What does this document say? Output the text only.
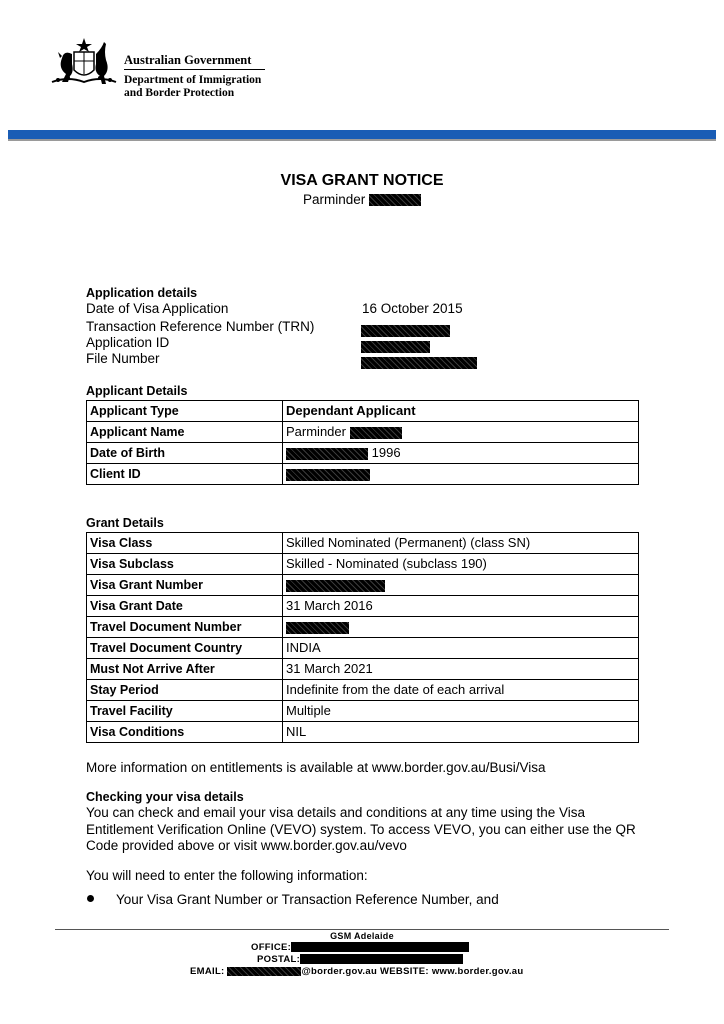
Australian Government
Department of Immigration
and Border Protection
VISA GRANT NOTICE
Parminder
Application details
Date of Visa Application	16 October 2015
Transaction Reference Number (TRN)
Application ID
File Number
Applicant Details
Applicant Type	Dependant Applicant
Applicant Name	Parminder
Date of Birth	1996
Client ID	
Grant Details
Visa Class	Skilled Nominated (Permanent) (class SN)
Visa Subclass	Skilled - Nominated (subclass 190)
Visa Grant Number	
Visa Grant Date	31 March 2016
Travel Document Number	
Travel Document Country	INDIA
Must Not Arrive After	31 March 2021
Stay Period	Indefinite from the date of each arrival
Travel Facility	Multiple
Visa Conditions	NIL
More information on entitlements is available at www.border.gov.au/Busi/Visa
Checking your visa details
You can check and email your visa details and conditions at any time using the Visa Entitlement Verification Online (VEVO) system. To access VEVO, you can either use the QR Code provided above or visit www.border.gov.au/vevo
You will need to enter the following information:
Your Visa Grant Number or Transaction Reference Number, and
GSM Adelaide
OFFICE:
POSTAL:
EMAIL:	@border.gov.au WEBSITE: www.border.gov.au
